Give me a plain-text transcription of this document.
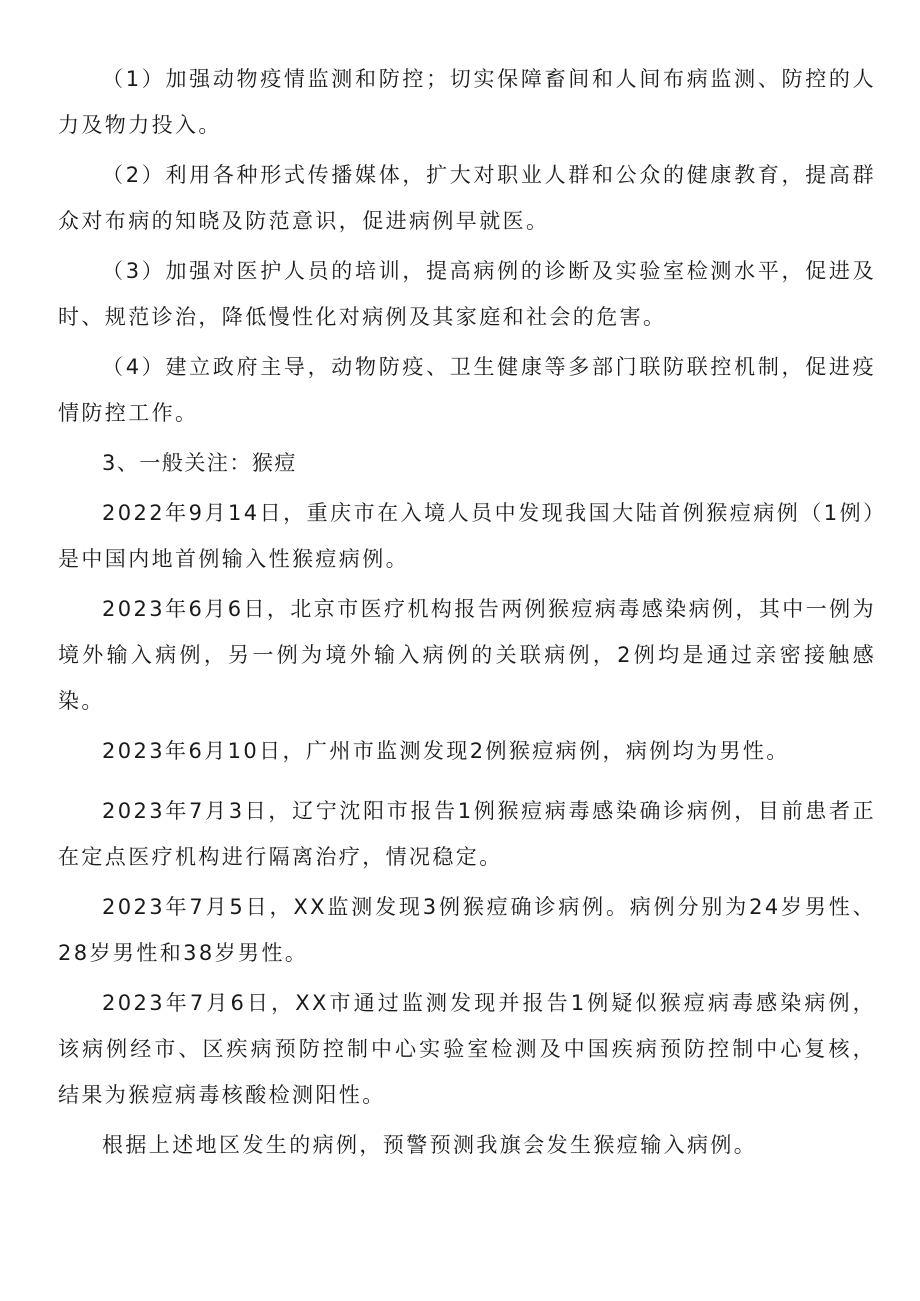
（1）加强动物疫情监测和防控；切实保障畜间和人间布病监测、防控的人力及物力投入。

（2）利用各种形式传播媒体，扩大对职业人群和公众的健康教育，提高群众对布病的知晓及防范意识，促进病例早就医。

（3）加强对医护人员的培训，提高病例的诊断及实验室检测水平，促进及时、规范诊治，降低慢性化对病例及其家庭和社会的危害。

（4）建立政府主导，动物防疫、卫生健康等多部门联防联控机制，促进疫情防控工作。

3、一般关注：猴痘

2022年9月14日，重庆市在入境人员中发现我国大陆首例猴痘病例（1例）是中国内地首例输入性猴痘病例。

2023年6月6日，北京市医疗机构报告两例猴痘病毒感染病例，其中一例为境外输入病例，另一例为境外输入病例的关联病例，2例均是通过亲密接触感染。

2023年6月10日，广州市监测发现2例猴痘病例，病例均为男性。

2023年7月3日，辽宁沈阳市报告1例猴痘病毒感染确诊病例，目前患者正在定点医疗机构进行隔离治疗，情况稳定。

2023年7月5日，XX监测发现3例猴痘确诊病例。病例分别为24岁男性、28岁男性和38岁男性。

2023年7月6日，XX市通过监测发现并报告1例疑似猴痘病毒感染病例，该病例经市、区疾病预防控制中心实验室检测及中国疾病预防控制中心复核，结果为猴痘病毒核酸检测阳性。

根据上述地区发生的病例，预警预测我旗会发生猴痘输入病例。
